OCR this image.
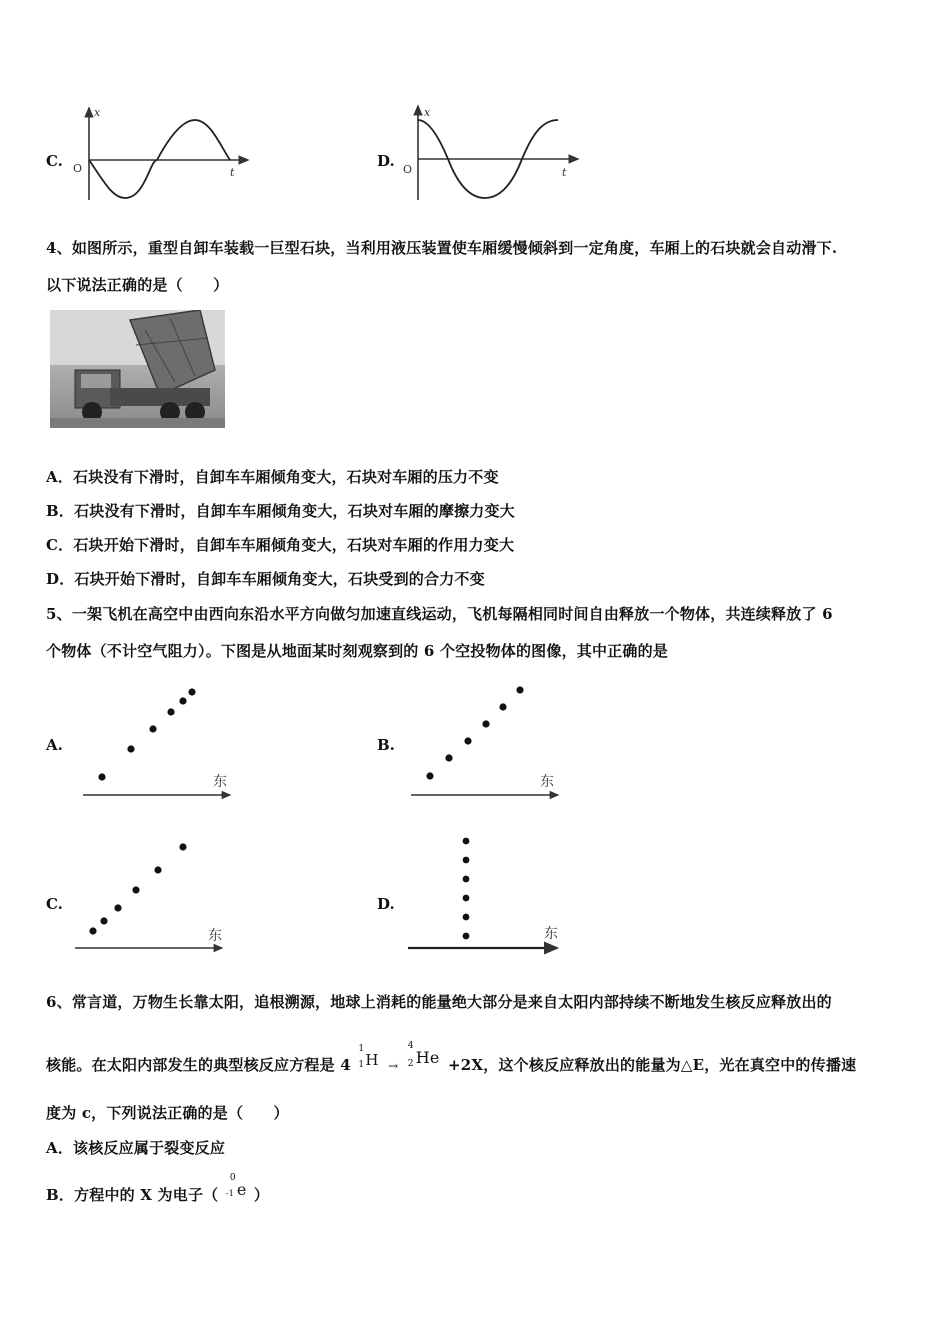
C.
x
t
O	D.
x
t
O
4、如图所示，重型自卸车装载一巨型石块，当利用液压装置使车厢缓慢倾斜到一定角度，车厢上的石块就会自动滑下.
以下说法正确的是（　　）
A．石块没有下滑时，自卸车车厢倾角变大，石块对车厢的压力不变
B．石块没有下滑时，自卸车车厢倾角变大，石块对车厢的摩擦力变大
C．石块开始下滑时，自卸车车厢倾角变大，石块对车厢的作用力变大
D．石块开始下滑时，自卸车车厢倾角变大，石块受到的合力不变
5、一架飞机在高空中由西向东沿水平方向做匀加速直线运动，飞机每隔相同时间自由释放一个物体，共连续释放了 6
个物体（不计空气阻力）。下图是从地面某时刻观察到的 6 个空投物体的图像，其中正确的是
A.
东
B.
东
C.
东
D.
东
6、常言道，万物生长靠太阳，追根溯源，地球上消耗的能量绝大部分是来自太阳内部持续不断地发生核反应释放出的
核能。在太阳内部发生的典型核反应方程是 4
1
1 H →
4
2 He +2X，这个核反应释放出的能量为△E，光在真空中的传播速
度为 c，下列说法正确的是（　　）
A．该核反应属于裂变反应
B．方程中的 X 为电子（
0
-1 e ）
